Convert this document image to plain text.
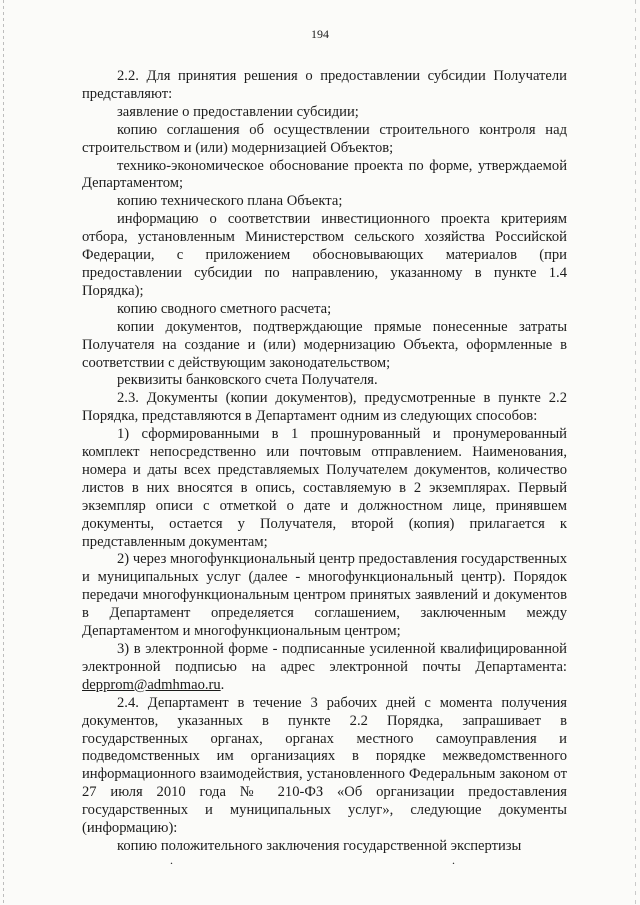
194

2.2. Для принятия решения о предоставлении субсидии Получатели представляют:

заявление о предоставлении субсидии;

копию соглашения об осуществлении строительного контроля над строительством и (или) модернизацией Объектов;

технико-экономическое обоснование проекта по форме, утверждаемой Департаментом;

копию технического плана Объекта;

информацию о соответствии инвестиционного проекта критериям отбора, установленным Министерством сельского хозяйства Российской Федерации, с приложением обосновывающих материалов (при предоставлении субсидии по направлению, указанному в пункте 1.4 Порядка);

копию сводного сметного расчета;

копии документов, подтверждающие прямые понесенные затраты Получателя на создание и (или) модернизацию Объекта, оформленные в соответствии с действующим законодательством;

реквизиты банковского счета Получателя.

2.3. Документы (копии документов), предусмотренные в пункте 2.2 Порядка, представляются в Департамент одним из следующих способов:

1) сформированными в 1 прошнурованный и пронумерованный комплект непосредственно или почтовым отправлением. Наименования, номера и даты всех представляемых Получателем документов, количество листов в них вносятся в опись, составляемую в 2 экземплярах. Первый экземпляр описи с отметкой о дате и должностном лице, принявшем документы, остается у Получателя, второй (копия) прилагается к представленным документам;

2) через многофункциональный центр предоставления государственных и муниципальных услуг (далее - многофункциональный центр). Порядок передачи многофункциональным центром принятых заявлений и документов в Департамент определяется соглашением, заключенным между Департаментом и многофункциональным центром;

3) в электронной форме - подписанные усиленной квалифицированной электронной подписью на адрес электронной почты Департамента: depprom@admhmao.ru.

2.4. Департамент в течение 3 рабочих дней с момента получения документов, указанных в пункте 2.2 Порядка, запрашивает в государственных органах, органах местного самоуправления и подведомственных им организациях в порядке межведомственного информационного взаимодействия, установленного Федеральным законом от 27 июля 2010 года № 210-ФЗ «Об организации предоставления государственных и муниципальных услуг», следующие документы (информацию):

копию положительного заключения государственной экспертизы

.	.
